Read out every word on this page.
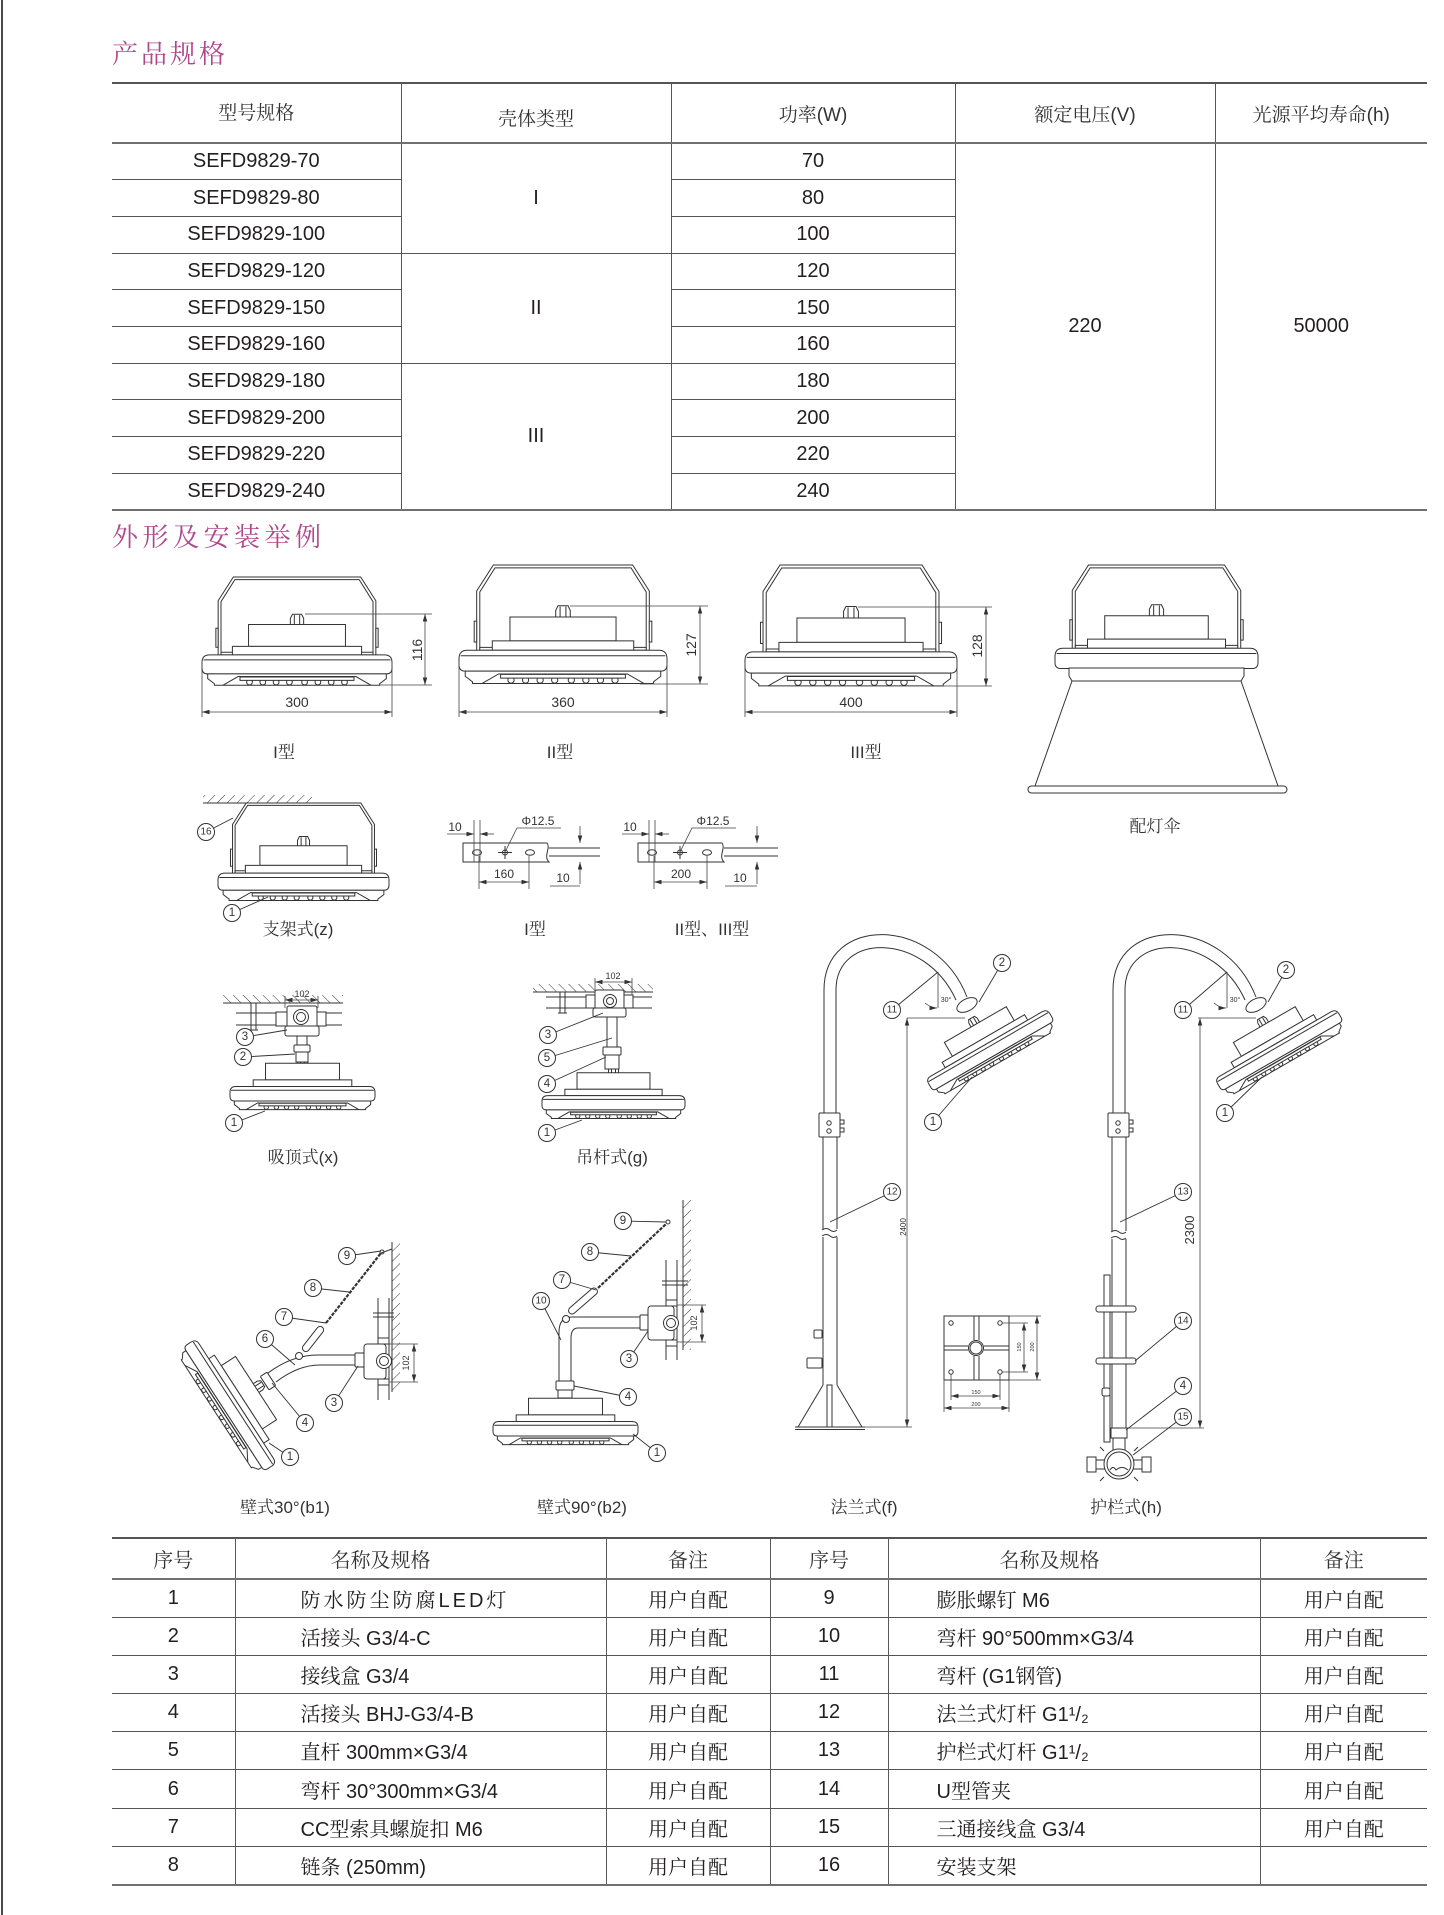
产品规格
型号规格	壳体类型	功率(W)	额定电压(V)	光源平均寿命(h)
SEFD9829-70	I	70	220	50000
SEFD9829-80		80		
SEFD9829-100		100		
SEFD9829-120	II	120		
SEFD9829-150		150		
SEFD9829-160		160		
SEFD9829-180	III	180		
SEFD9829-200		200		
SEFD9829-220		220		
SEFD9829-240		240		
外形及安装举例
300
116
I型
360
127
II型
400
128
III型
配灯伞
16
1
支架式(z)
10	Φ12.5
160	10
I型
10	Φ12.5
200	10
II型、III型
102
3
2
1
吸顶式(x)
102
3
5
4
1
吊杆式(g)
30°
2400
2
11
1
12
150
200
150 200
法兰式(f)
30°
2300
2
11
1
13
14
4
15
护栏式(h)
102
9
8
7
6
4
3
1
壁式30°(b1)
102
9
8
7
10
3
4
1
壁式90°(b2)
序号	名称及规格	备注	序号	名称及规格	备注
1	防水防尘防腐LED灯	用户自配	9	膨胀螺钉 M6	用户自配
2	活接头 G3/4-C	用户自配	10	弯杆 90°500mm×G3/4	用户自配
3	接线盒 G3/4	用户自配	11	弯杆 (G1钢管)	用户自配
4	活接头 BHJ-G3/4-B	用户自配	12	法兰式灯杆 G1¹/₂	用户自配
5	直杆 300mm×G3/4	用户自配	13	护栏式灯杆 G1¹/₂	用户自配
6	弯杆 30°300mm×G3/4	用户自配	14	U型管夹	用户自配
7	CC型索具螺旋扣 M6	用户自配	15	三通接线盒 G3/4	用户自配
8	链条 (250mm)	用户自配	16	安装支架	
